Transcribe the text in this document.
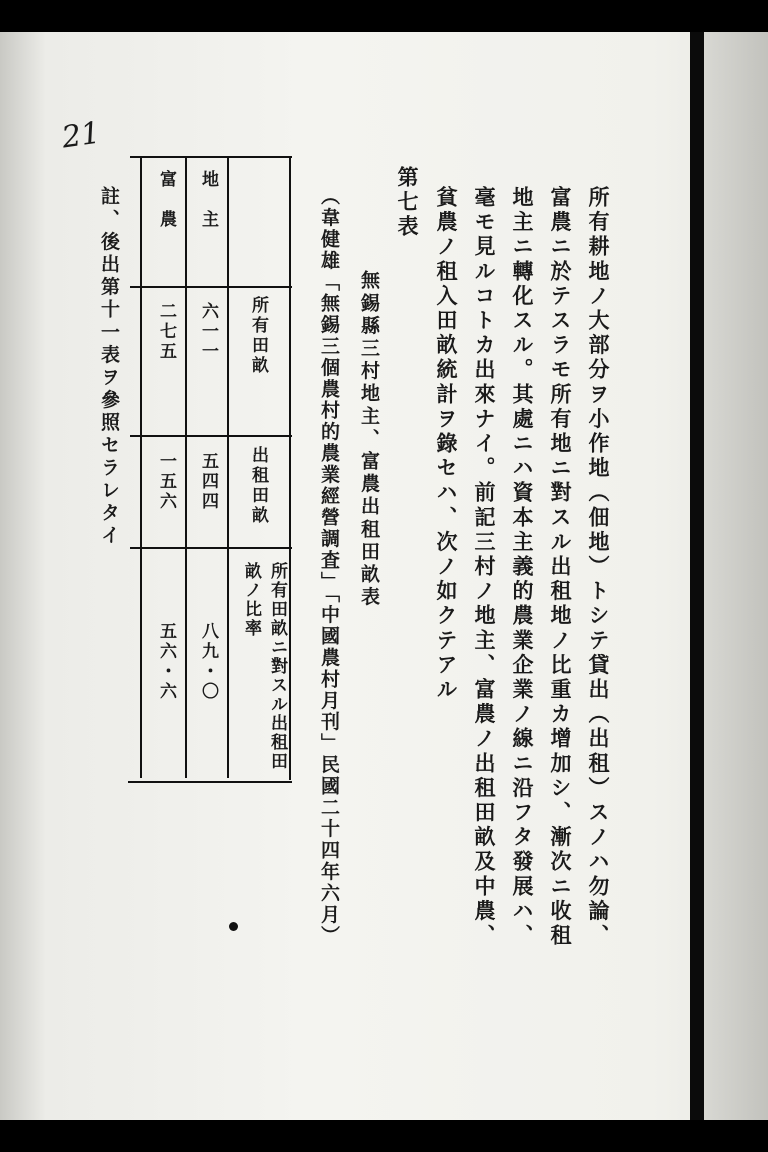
21
所有耕地ノ大部分ヲ小作地（佃地）トシテ貸出（出租）スノハ勿論、
富農ニ於テスラモ所有地ニ對スル出租地ノ比重カ增加シ、漸次ニ收租
地主ニ轉化スル。其處ニハ資本主義的農業企業ノ線ニ沿フタ發展ハ、
毫モ見ルコトカ出來ナイ。前記三村ノ地主、富農ノ出租田畝及中農、
貧農ノ租入田畝統計ヲ錄セハ、次ノ如クテアル
第七表
無錫縣三村地主、富農出租田畝表
（韋健雄「無錫三個農村的農業經營調査」「中國農村月刊」民國二十四年六月）
地　主
富　農
所有田畝
出租田畝
所有田畝ニ對スル出租田畝ノ比率
六一一
五四四
八九・〇
二七五
一五六
五六・六
註、後出第十一表ヲ參照セラレタイ
